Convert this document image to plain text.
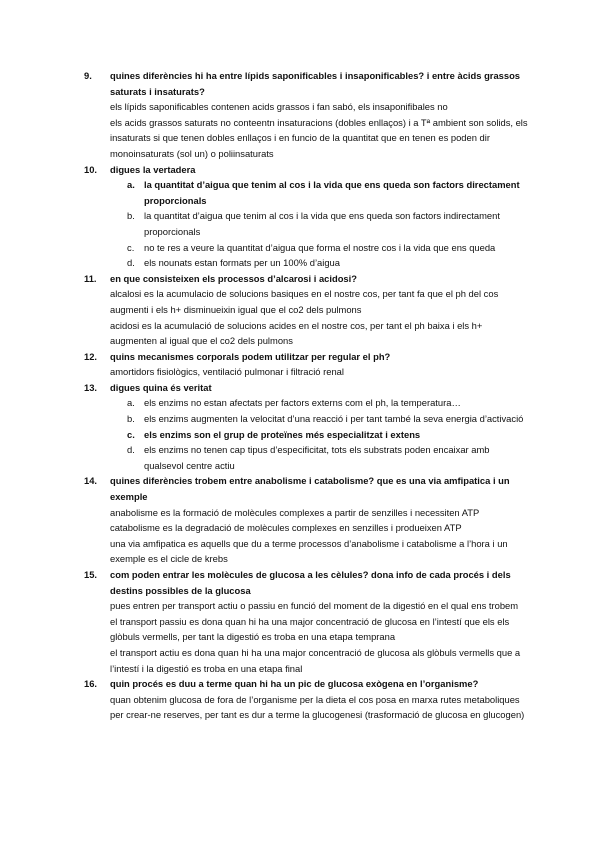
9. quines diferències hi ha entre lípids saponificables i insaponificables? i entre àcids grassos saturats i insaturats?

els lípids saponificables contenen acids grassos i fan sabó, els insaponifibales no

els acids grassos saturats no conteentn insaturacions (dobles enllaços) i a Tª ambient son solids, els insaturats si que tenen dobles enllaços i en funcio de la quantitat que en tenen es poden dir monoinsaturats (sol un) o poliinsaturats

10. digues la vertadera
a. la quantitat d’aigua que tenim al cos i la vida que ens queda son factors directament proporcionals
b. la quantitat d’aigua que tenim al cos i la vida que ens queda son factors indirectament proporcionals
c. no te res a veure la quantitat d’aigua que forma el nostre cos i la vida que ens queda
d. els nounats estan formats per un 100% d’aigua
11. en que consisteixen els processos d’alcarosi i acidosi?

alcalosi es la acumulacio de solucions basiques en el nostre cos, per tant fa que el ph del cos augmenti i els h+ disminueixin igual que el co2 dels pulmons

acidosi es la acumulació de solucions acides en el nostre cos, per tant el ph baixa i els h+ augmenten al igual que el co2 dels pulmons

12. quins mecanismes corporals podem utilitzar per regular el ph?

amortidors fisiològics, ventilació pulmonar i filtració renal

13. digues quina és veritat
a. els enzims no estan afectats per factors externs com el ph, la temperatura…
b. els enzims augmenten la velocitat d’una reacció i per tant també la seva energia d’activació
c. els enzims son el grup de proteïnes més especialitzat i extens
d. els enzims no tenen cap tipus d’especificitat, tots els substrats poden encaixar amb qualsevol centre actiu
14. quines diferències trobem entre anabolisme i catabolisme? que es una via amfipatica i un exemple

anabolisme es la formació de molècules complexes a partir de senzilles i necessiten ATP

catabolisme es la degradació de molècules complexes en senzilles i produeixen ATP

una via amfipatica es aquells que du a terme processos d’anabolisme i catabolisme a l’hora i un exemple es el cicle de krebs

15. com poden entrar les molècules de glucosa a les cèlules? dona info de cada procés i dels destins possibles de la glucosa

pues entren per transport actiu o passiu en funció del moment de la digestió en el qual ens trobem

el transport passiu es dona quan hi ha una major concentració de glucosa en l’intestí que els els glòbuls vermells, per tant la digestió es troba en una etapa temprana

el transport actiu es dona quan hi ha una major concentració de glucosa als glòbuls vermells que a l’intestí i la digestió es troba en una etapa final

16. quin procés es duu a terme quan hi ha un pic de glucosa exògena en l’organisme?

quan obtenim glucosa de fora de l’organisme per la dieta el cos posa en marxa rutes metaboliques per crear-ne reserves, per tant es dur a terme la glucogenesi (trasformació de glucosa en glucogen)
